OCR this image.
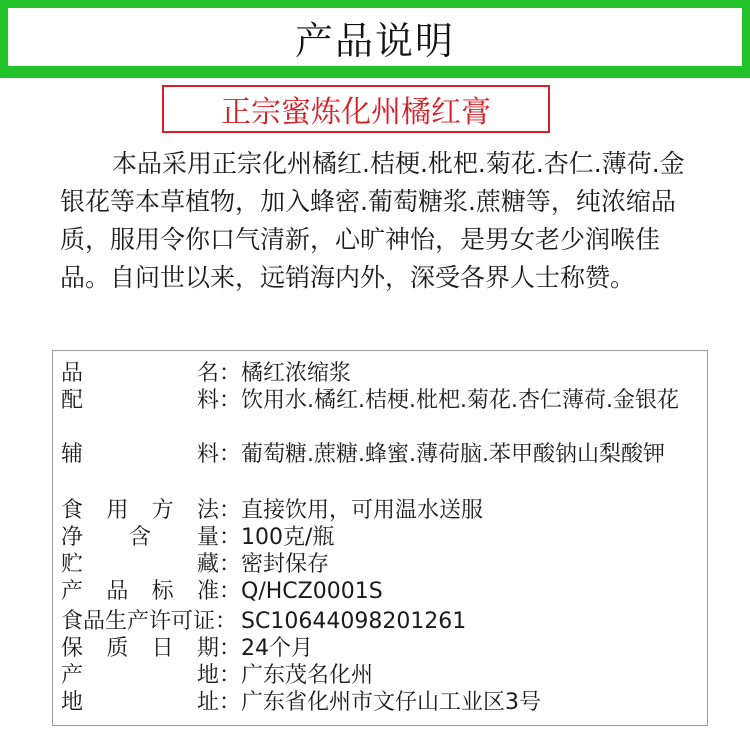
产品说明
正宗蜜炼化州橘红膏
本品采用正宗化州橘红.桔梗.枇杷.菊花.杏仁.薄荷.金银花等本草植物，加入蜂密.葡萄糖浆.蔗糖等，纯浓缩品质，服用令你口气清新，心旷神怡，是男女老少润喉佳品。自问世以来，远销海内外，深受各界人士称赞。
品	名： 橘红浓缩浆
配	料： 饮用水.橘红.桔梗.枇杷.菊花.杏仁薄荷.金银花
辅	料： 葡萄糖.蔗糖.蜂蜜.薄荷脑.苯甲酸钠山梨酸钾
食 用 方 法： 直接饮用，可用温水送服
净 含 量： 100克/瓶
贮	藏： 密封保存
产 品 标 准： Q/HCZ0001S
食品生产许可证： SC10644098201261
保 质 日 期： 24个月
产	地： 广东茂名化州
地	址： 广东省化州市文仔山工业区3号
